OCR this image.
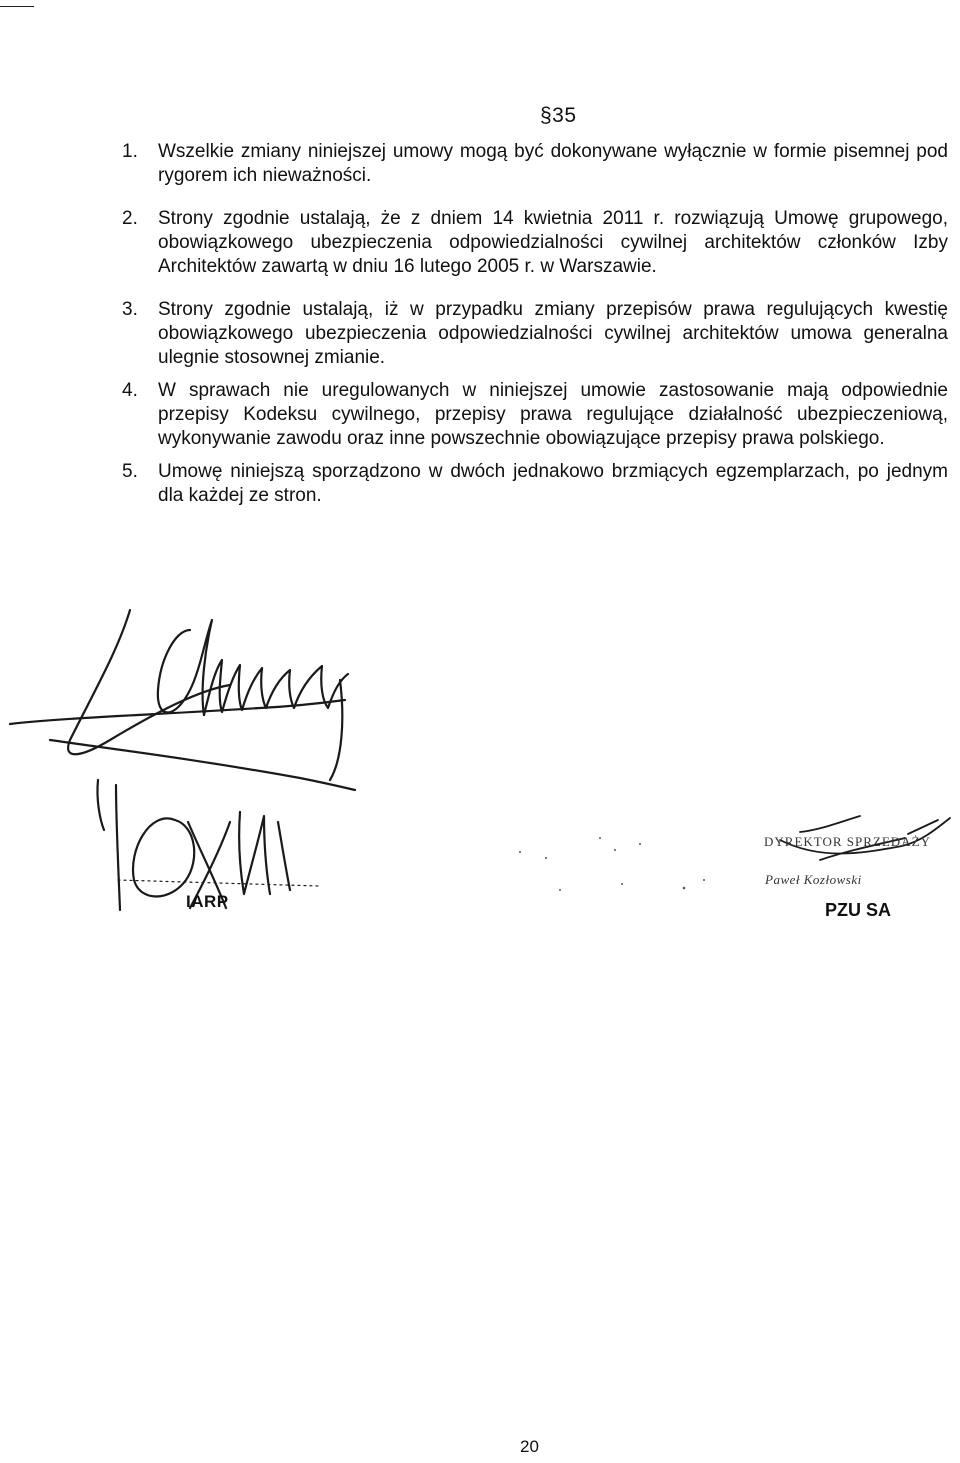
§35
1. Wszelkie zmiany niniejszej umowy mogą być dokonywane wyłącznie w formie pisemnej pod rygorem ich nieważności.
2. Strony zgodnie ustalają, że z dniem 14 kwietnia 2011 r. rozwiązują Umowę grupowego, obowiązkowego ubezpieczenia odpowiedzialności cywilnej architektów członków Izby Architektów zawartą w dniu 16 lutego 2005 r. w Warszawie.
3. Strony zgodnie ustalają, iż w przypadku zmiany przepisów prawa regulujących kwestię obowiązkowego ubezpieczenia odpowiedzialności cywilnej architektów umowa generalna ulegnie stosownej zmianie.
4. W sprawach nie uregulowanych w niniejszej umowie zastosowanie mają odpowiednie przepisy Kodeksu cywilnego, przepisy prawa regulujące działalność ubezpieczeniową, wykonywanie zawodu oraz inne powszechnie obowiązujące przepisy prawa polskiego.
5. Umowę niniejszą sporządzono w dwóch jednakowo brzmiących egzemplarzach, po jednym dla każdej ze stron.
IARP
DYREKTOR SPRZEDAŻY
Paweł Kozłowski
PZU SA
20
